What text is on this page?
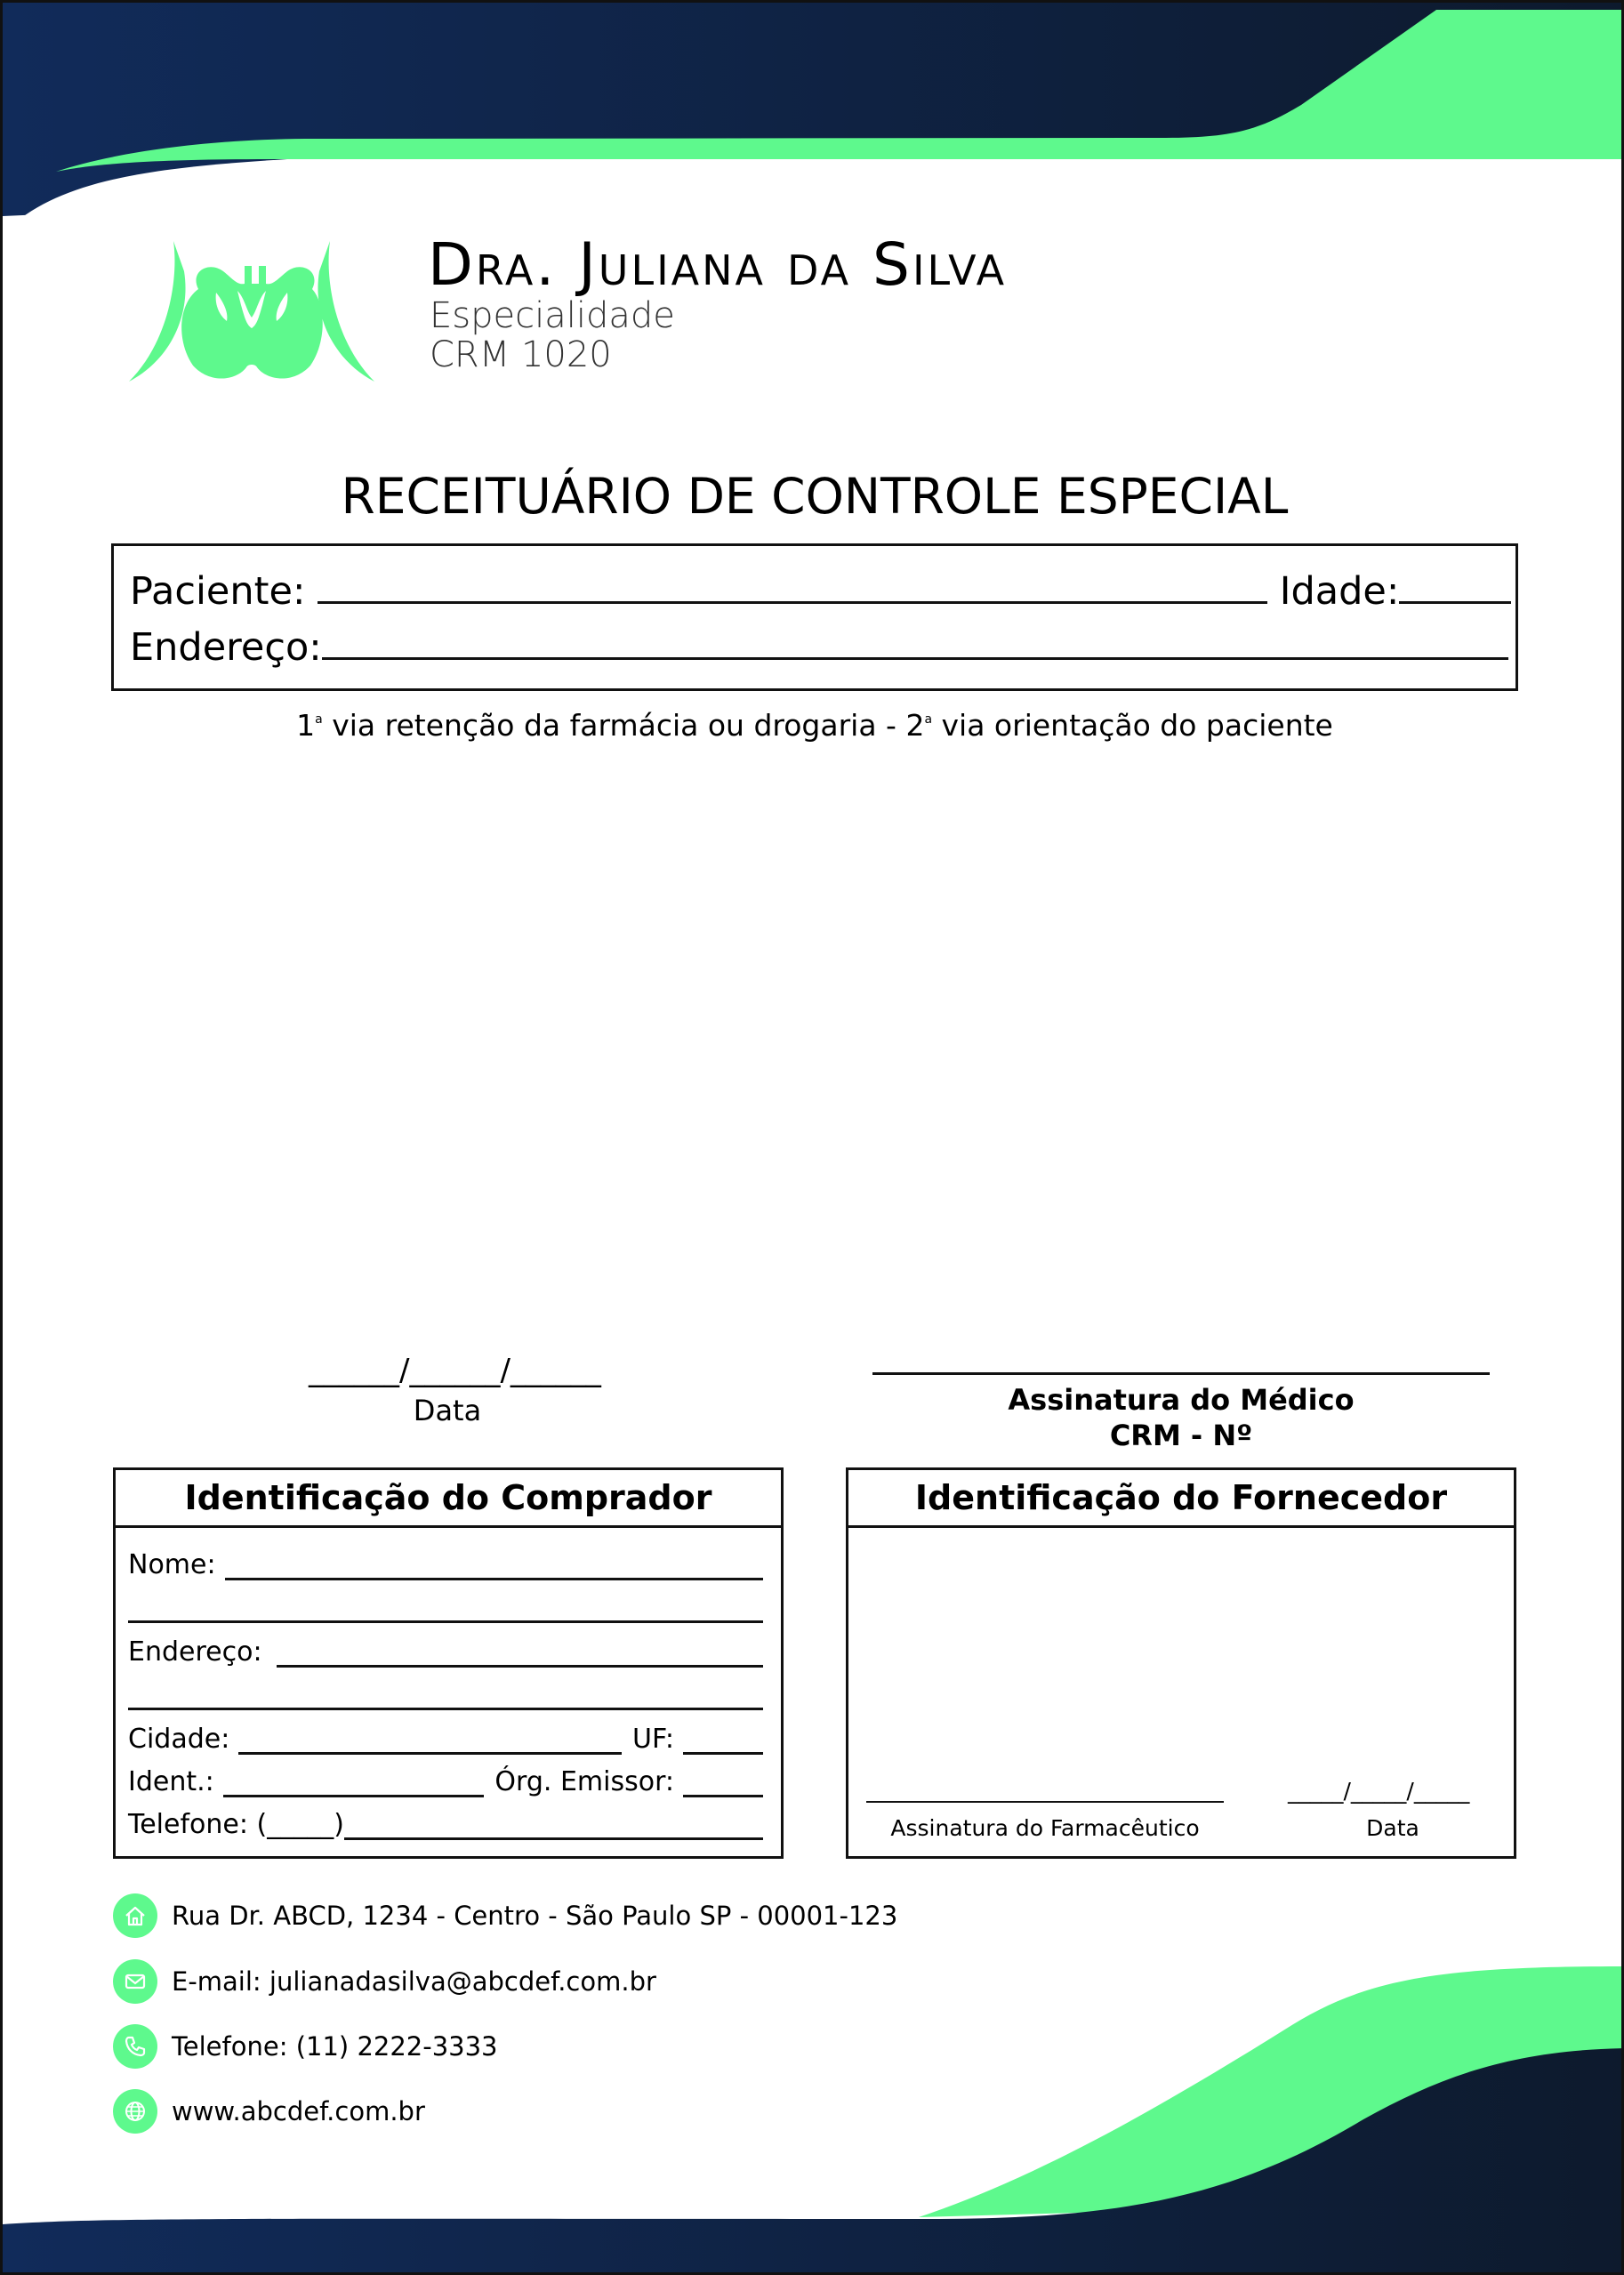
Dra. Juliana da Silva
Especialidade
CRM 1020
RECEITUÁRIO DE CONTROLE ESPECIAL
Paciente:	Idade:
Endereço:
1$^a$ via retenção da farmácia ou drogaria - 2$^a$ via orientação do paciente
______/______/______
Data	Assinatura do Médico
CRM - Nº
Identificação do Comprador
Nome:
Endereço:
Cidade:	UF:
Ident.:	Órg. Emissor:
Telefone: ( _____ )
Identificação do Fornecedor
Assinatura do Farmacêutico
_____/_____/_____
Data
Rua Dr. ABCD, 1234 - Centro - São Paulo SP - 00001-123
E-mail: julianadasilva@abcdef.com.br
Telefone: (11) 2222-3333
www.abcdef.com.br
